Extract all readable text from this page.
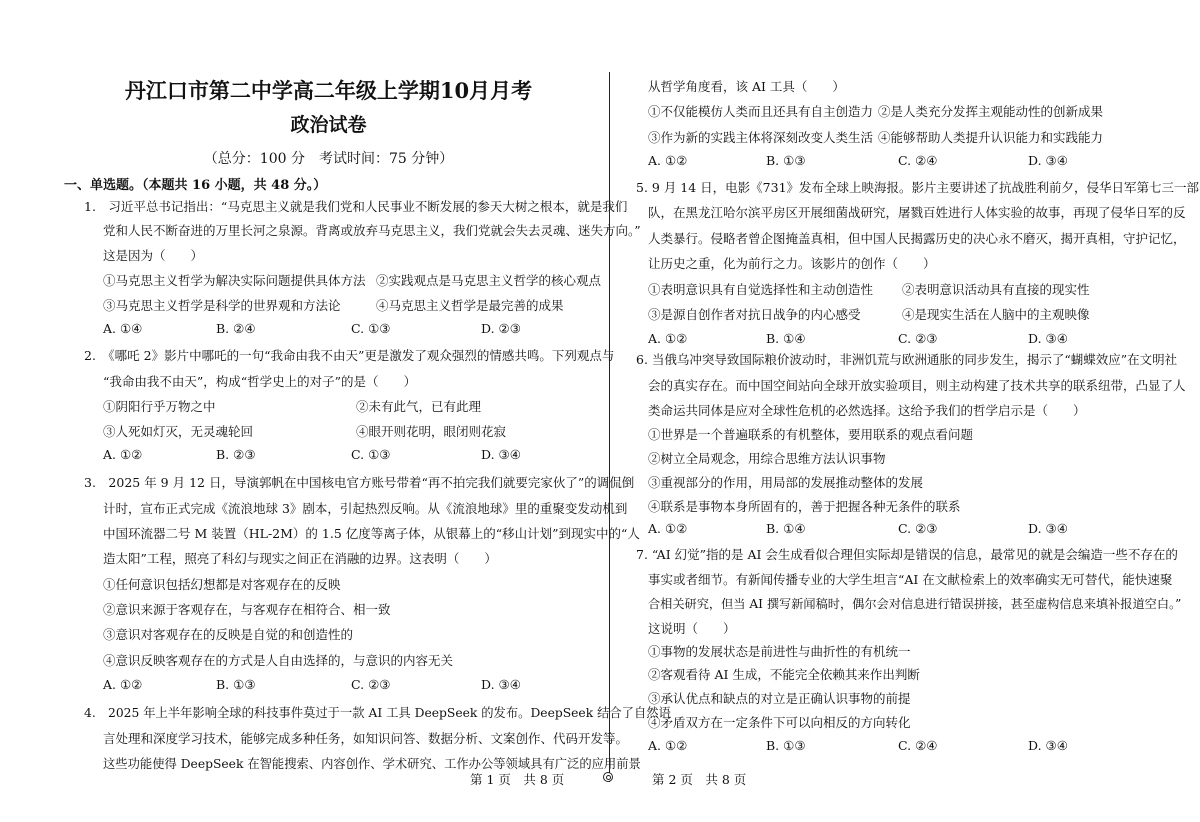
丹江口市第二中学高二年级上学期10月月考
政治试卷
（总分：100 分　考试时间：75 分钟）
一、单选题。（本题共 16 小题，共 48 分。）
1.　习近平总书记指出：“马克思主义就是我们党和人民事业不断发展的参天大树之根本，就是我们
党和人民不断奋进的万里长河之泉源。背离或放弃马克思主义，我们党就会失去灵魂、迷失方向。”
这是因为（　　）
①马克思主义哲学为解决实际问题提供具体方法 ②实践观点是马克思主义哲学的核心观点
③马克思主义哲学是科学的世界观和方法论	④马克思主义哲学是最完善的成果
A. ①④	B. ②④	C. ①③	D. ②③
2.　《哪吒 2》影片中哪吒的一句“我命由我不由天”更是激发了观众强烈的情感共鸣。下列观点与
“我命由我不由天”，构成“哲学史上的对子”的是（　　）
①阴阳行乎万物之中	②未有此气，已有此理
③人死如灯灭，无灵魂轮回	④眼开则花明，眼闭则花寂
A. ①②	B. ②③	C. ①③	D. ③④
3.　2025 年 9 月 12 日，导演郭帆在中国核电官方账号带着“再不拍完我们就要完家伙了”的调侃倒
计时，宣布正式完成《流浪地球 3》剧本，引起热烈反响。从《流浪地球》里的重聚变发动机到
中国环流器二号 M 装置（HL-2M）的 1.5 亿度等离子体，从银幕上的“移山计划”到现实中的“人
造太阳”工程，照亮了科幻与现实之间正在消融的边界。这表明（　　）
①任何意识包括幻想都是对客观存在的反映
②意识来源于客观存在，与客观存在相符合、相一致
③意识对客观存在的反映是自觉的和创造性的
④意识反映客观存在的方式是人自由选择的，与意识的内容无关
A. ①②	B. ①③	C. ②③	D. ③④
4.　2025 年上半年影响全球的科技事件莫过于一款 AI 工具 DeepSeek 的发布。DeepSeek 结合了自然语
言处理和深度学习技术，能够完成多种任务，如知识问答、数据分析、文案创作、代码开发等。
这些功能使得 DeepSeek 在智能搜索、内容创作、学术研究、工作办公等领域具有广泛的应用前景
第 1 页　共 8 页
从哲学角度看，该 AI 工具（　　）
①不仅能模仿人类而且还具有自主创造力 ②是人类充分发挥主观能动性的创新成果
③作为新的实践主体将深刻改变人类生活 ④能够帮助人类提升认识能力和实践能力
A. ①②	B. ①③	C. ②④	D. ③④
5. 9 月 14 日，电影《731》发布全球上映海报。影片主要讲述了抗战胜利前夕，侵华日军第七三一部
队，在黑龙江哈尔滨平房区开展细菌战研究，屠戮百姓进行人体实验的故事，再现了侵华日军的反
人类暴行。侵略者曾企图掩盖真相，但中国人民揭露历史的决心永不磨灭，揭开真相，守护记忆，
让历史之重，化为前行之力。该影片的创作（　　）
①表明意识具有自觉选择性和主动创造性 ②表明意识活动具有直接的现实性
③是源自创作者对抗日战争的内心感受	④是现实生活在人脑中的主观映像
A. ①②	B. ①④	C. ②③	D. ③④
6. 当俄乌冲突导致国际粮价波动时，非洲饥荒与欧洲通胀的同步发生，揭示了“蝴蝶效应”在文明社
会的真实存在。而中国空间站向全球开放实验项目，则主动构建了技术共享的联系纽带，凸显了人
类命运共同体是应对全球性危机的必然选择。这给予我们的哲学启示是（　　）
①世界是一个普遍联系的有机整体，要用联系的观点看问题
②树立全局观念，用综合思维方法认识事物
③重视部分的作用，用局部的发展推动整体的发展
④联系是事物本身所固有的，善于把握各种无条件的联系
A. ①②	B. ①④	C. ②③	D. ③④
7. “AI 幻觉”指的是 AI 会生成看似合理但实际却是错误的信息，最常见的就是会编造一些不存在的
事实或者细节。有新闻传播专业的大学生坦言“AI 在文献检索上的效率确实无可替代，能快速聚
合相关研究，但当 AI 撰写新闻稿时，偶尔会对信息进行错误拼接，甚至虚构信息来填补报道空白。”
这说明（　　）
①事物的发展状态是前进性与曲折性的有机统一
②客观看待 AI 生成，不能完全依赖其来作出判断
③承认优点和缺点的对立是正确认识事物的前提
④矛盾双方在一定条件下可以向相反的方向转化
A. ①②	B. ①③	C. ②④	D. ③④
第 2 页　共 8 页
